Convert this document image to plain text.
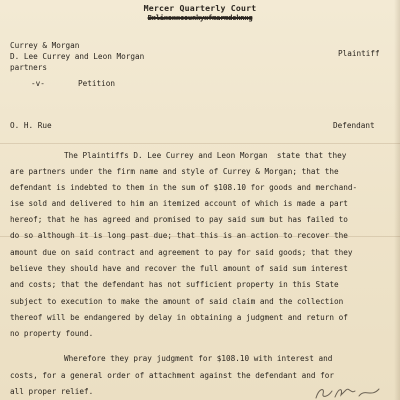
Mercer Quarterly Court
Bxlixsxxcounkyxfmarmdsknxg
Currey & Morgan
D. Lee Currey and Leon Morgan
partners
Plaintiff
-v-	Petition
O. H. Rue	Defendant
The Plaintiffs D. Lee Currey and Leon Morgan  state that they
are partners under the firm name and style of Currey & Morgan; that the
defendant is indebted to them in the sum of $108.10 for goods and merchand-
ise sold and delivered to him an itemized account of which is made a part
hereof; that he has agreed and promised to pay said sum but has failed to
do so although it is long past due; that this is an action to recover the
amount due on said contract and agreement to pay for said goods; that they
believe they should have and recover the full amount of said sum interest
and costs; that the defendant has not sufficient property in this State
subject to execution to make the amount of said claim and the collection
thereof will be endangered by delay in obtaining a judgment and return of
no property found.
Wherefore they pray judgment for $108.10 with interest and
costs, for a general order of attachment against the defendant and for
all proper relief.
